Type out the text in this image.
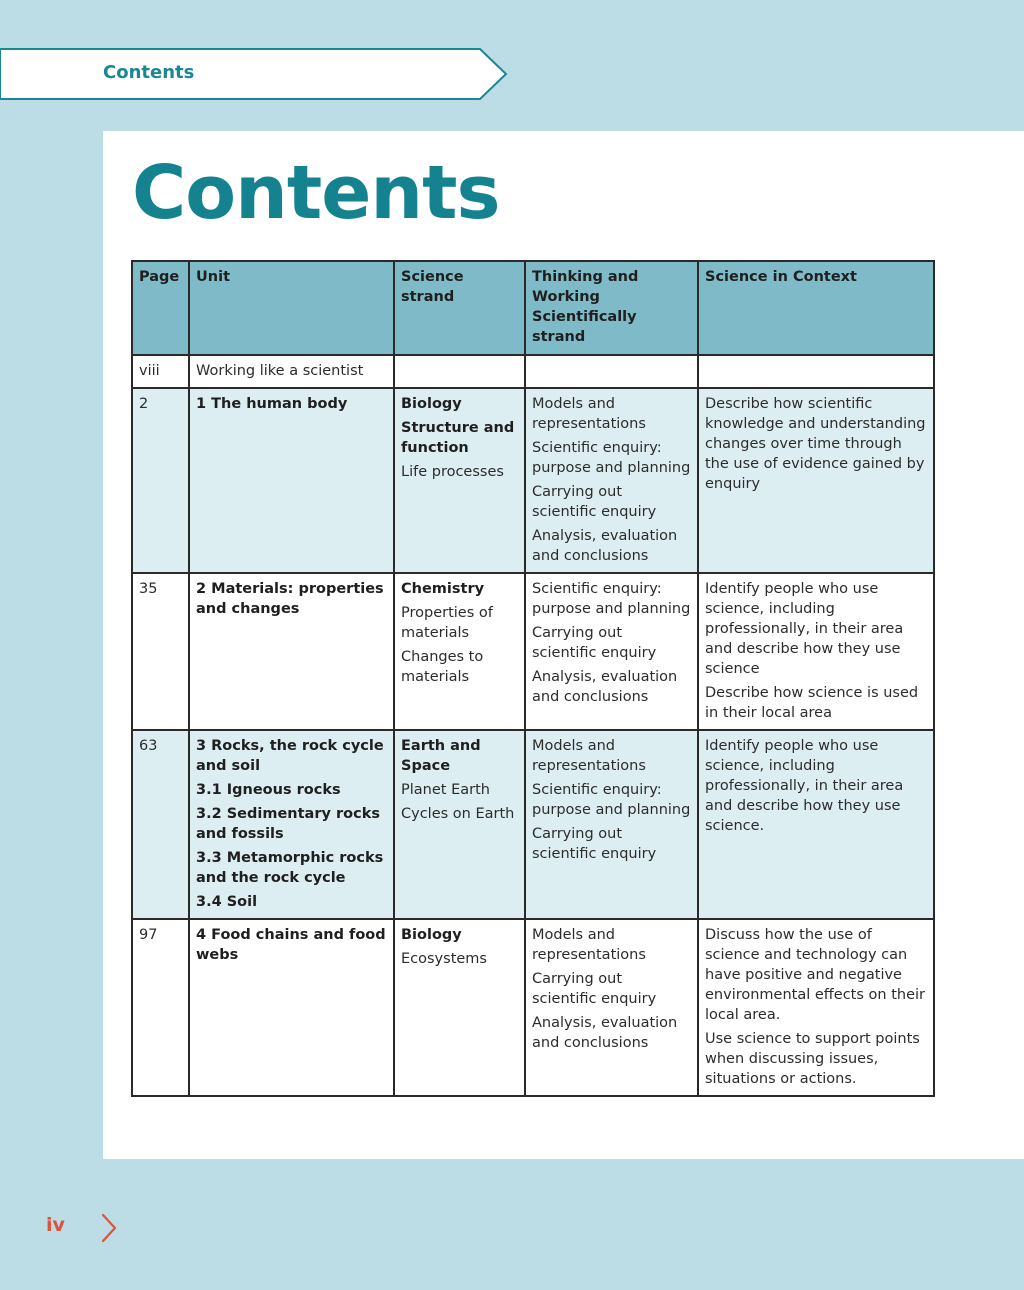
Contents
Contents
Page	Unit	Science strand	Thinking and Working Scientifically strand	Science in Context
viii	Working like a scientist			
2	1 The human body	Biology
Structure and function
Life processes	Models and representations
Scientific enquiry: purpose and planning
Carrying out scientific enquiry
Analysis, evaluation and conclusions	Describe how scientific knowledge and understanding changes over time through the use of evidence gained by enquiry

35	2 Materials: properties and changes	Chemistry
Properties of materials
Changes to materials	Scientific enquiry: purpose and planning
Carrying out scientific enquiry
Analysis, evaluation and conclusions	Identify people who use science, including professionally, in their area and describe how they use science
Describe how science is used in their local area

63	3 Rocks, the rock cycle and soil
3.1 Igneous rocks
3.2 Sedimentary rocks and fossils
3.3 Metamorphic rocks and the rock cycle
3.4 Soil	Earth and Space
Planet Earth
Cycles on Earth	Models and representations
Scientific enquiry: purpose and planning
Carrying out scientific enquiry	Identify people who use science, including professionally, in their area and describe how they use science.

97	4 Food chains and food webs	Biology
Ecosystems	Models and representations
Carrying out scientific enquiry
Analysis, evaluation and conclusions	Discuss how the use of science and technology can have positive and negative environmental effects on their local area.
Use science to support points when discussing issues, situations or actions.
iv
